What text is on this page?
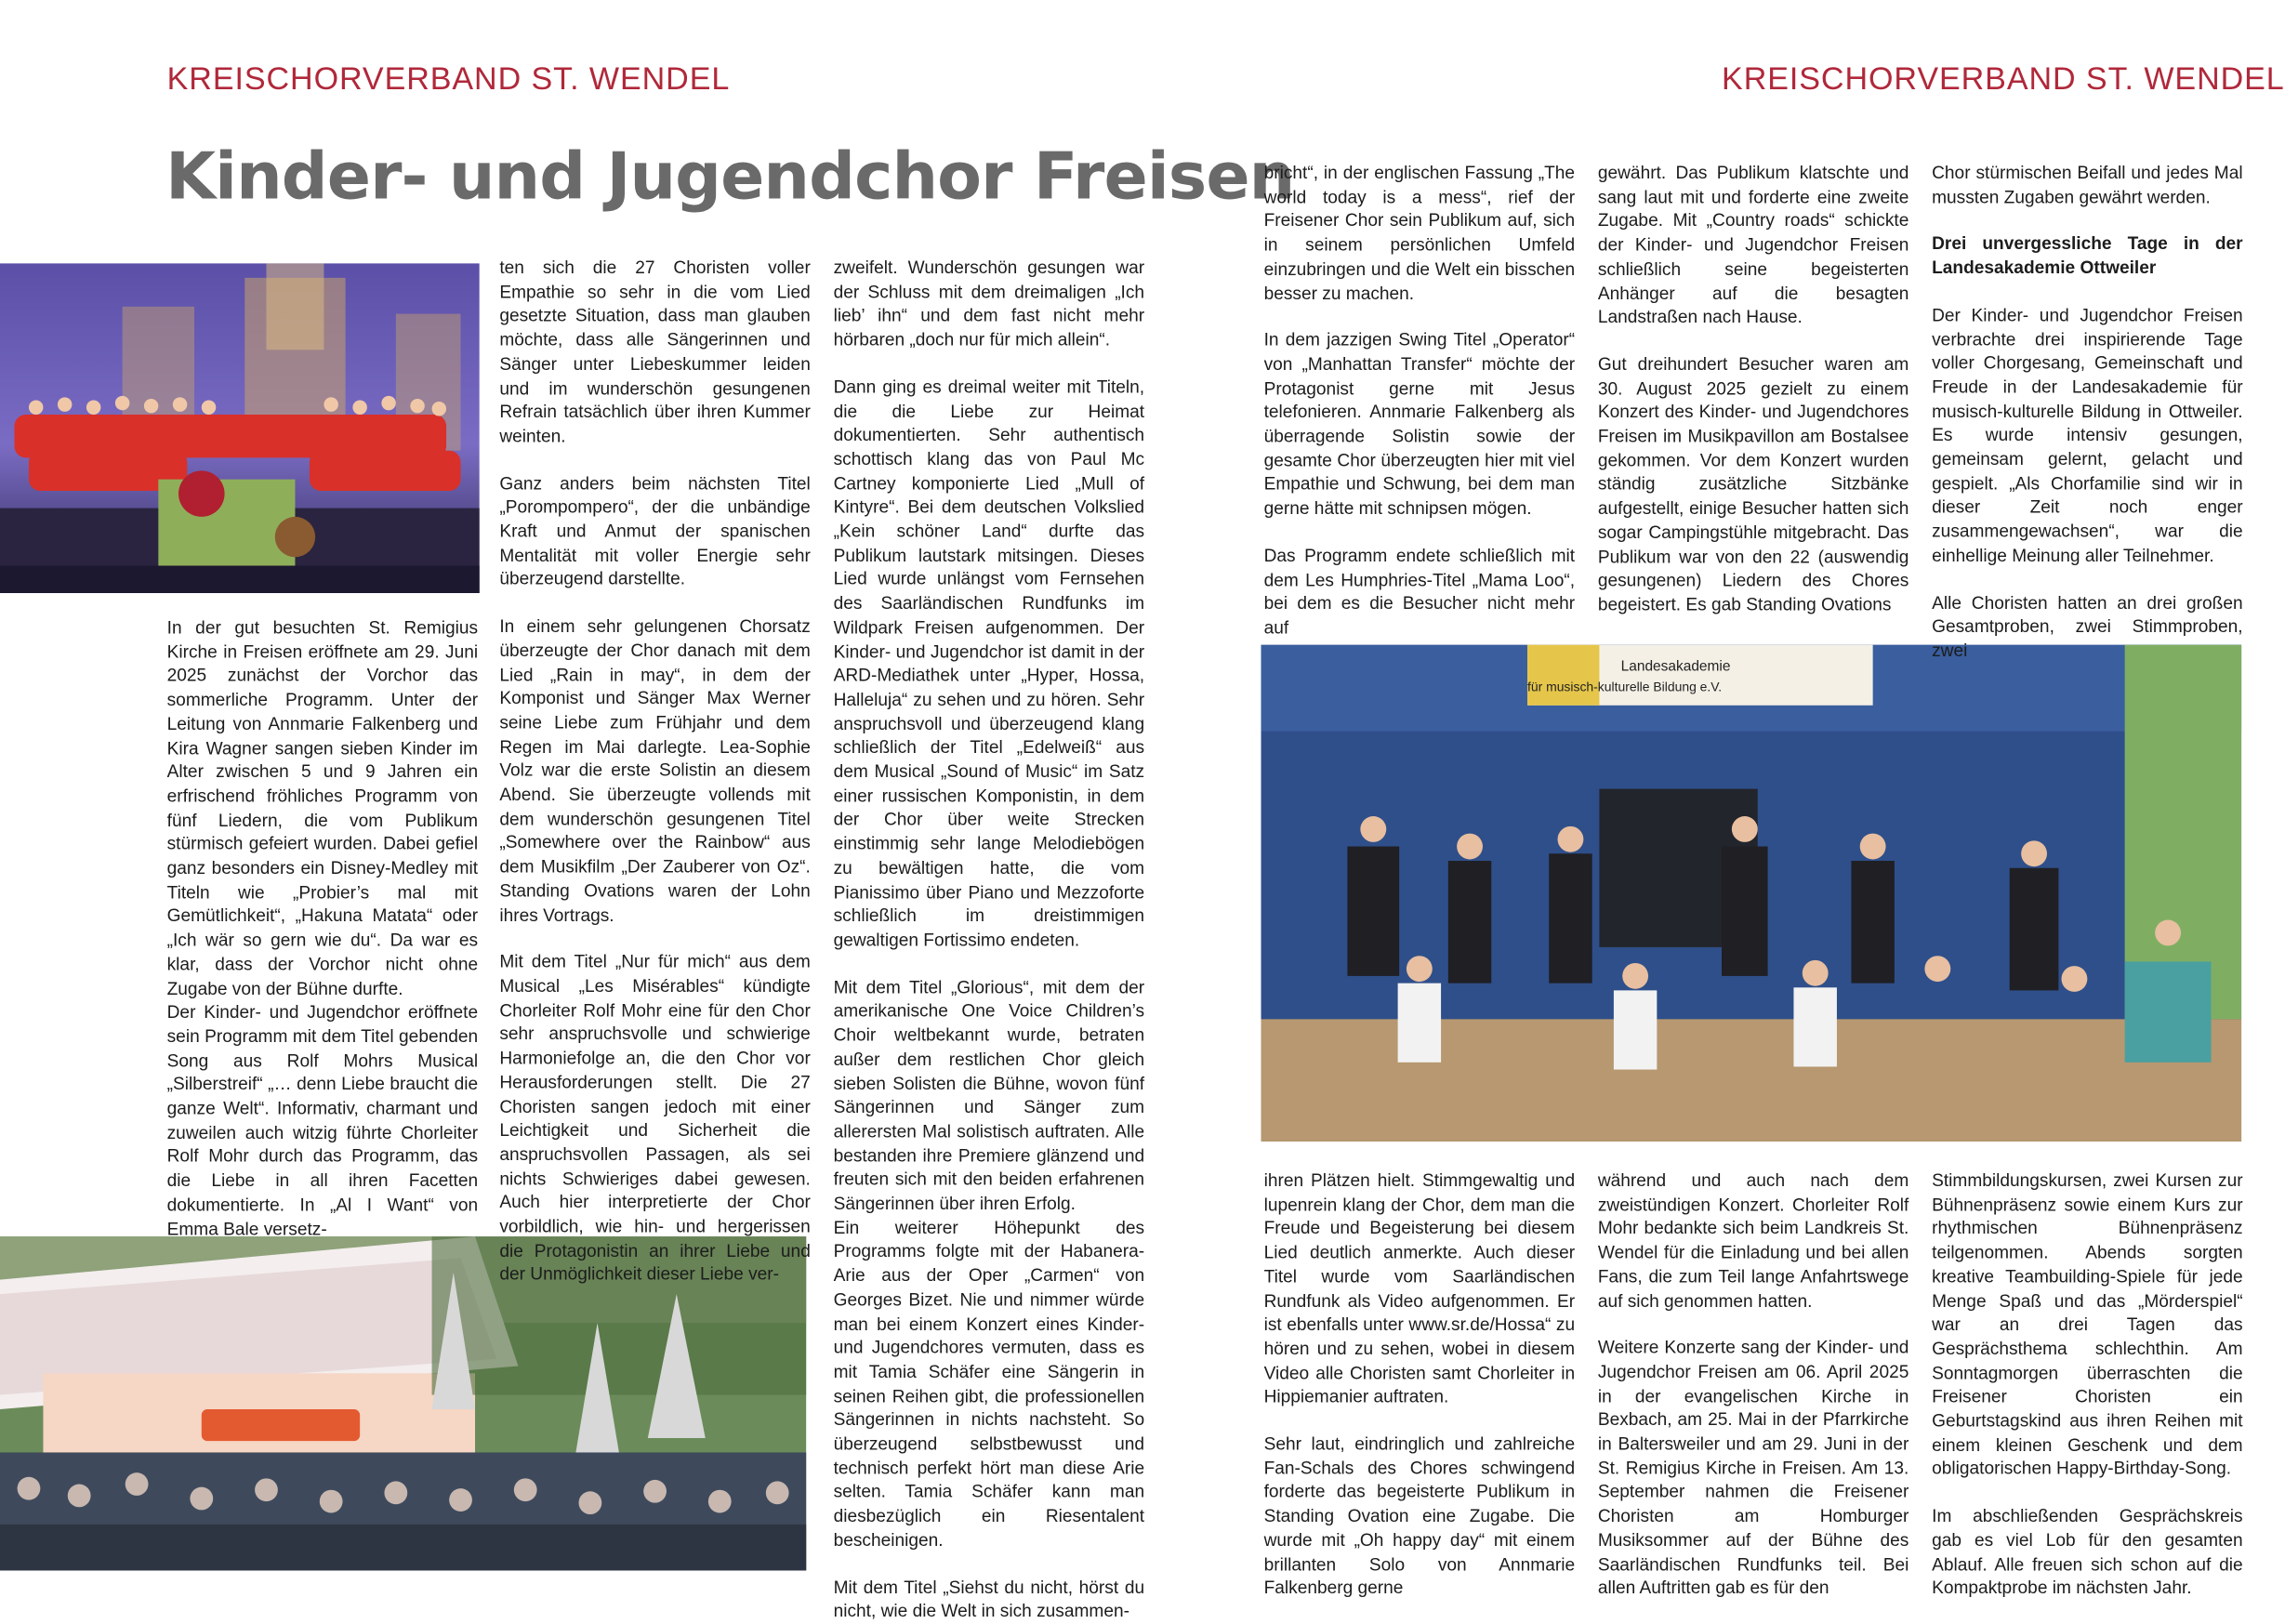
KREISCHORVERBAND ST. WENDEL	KREISCHORVERBAND ST. WENDEL
Kinder- und Jugendchor Freisen
Landesakademie
für musisch-kulturelle Bildung e.V.

In der gut besuchten St. Remigius Kirche in Freisen eröffnete am 29. Juni 2025 zunächst der Vorchor das sommerliche Programm. Unter der Leitung von Annmarie Falkenberg und Kira Wagner sangen sieben Kinder im Alter zwischen 5 und 9 Jahren ein erfrischend fröhliches Programm von fünf Liedern, die vom Publikum stürmisch gefeiert wurden. Dabei gefiel ganz besonders ein Disney-Medley mit Titeln wie „Probier’s mal mit Gemütlichkeit“, „Hakuna Matata“ oder „Ich wär so gern wie du“. Da war es klar, dass der Vorchor nicht ohne Zugabe von der Bühne durfte.

Der Kinder- und Jugendchor eröffnete sein Programm mit dem Titel gebenden Song aus Rolf Mohrs Musical „Silberstreif“ „… denn Liebe braucht die ganze Welt“. Informativ, charmant und zuweilen auch witzig führte Chorleiter Rolf Mohr durch das Programm, das die Liebe in all ihren Facetten dokumentierte. In „Al I Want“ von Emma Bale versetz-

ten sich die 27 Choristen voller Empathie so sehr in die vom Lied gesetzte Situation, dass man glauben möchte, dass alle Sängerinnen und Sänger unter Liebeskummer leiden und im wunderschön gesungenen Refrain tatsächlich über ihren Kummer weinten.

Ganz anders beim nächsten Titel „Porompompero“, der die unbändige Kraft und Anmut der spanischen Mentalität mit voller Energie sehr überzeugend darstellte.

In einem sehr gelungenen Chorsatz überzeugte der Chor danach mit dem Lied „Rain in may“, in dem der Komponist und Sänger Max Werner seine Liebe zum Frühjahr und dem Regen im Mai darlegte. Lea-Sophie Volz war die erste Solistin an diesem Abend. Sie überzeugte vollends mit dem wunderschön gesungenen Titel „Somewhere over the Rainbow“ aus dem Musikfilm „Der Zauberer von Oz“. Standing Ovations waren der Lohn ihres Vortrags.

Mit dem Titel „Nur für mich“ aus dem Musical „Les Misérables“ kündigte Chorleiter Rolf Mohr eine für den Chor sehr anspruchsvolle und schwierige Harmoniefolge an, die den Chor vor Herausforderungen stellt. Die 27 Choristen sangen jedoch mit einer Leichtigkeit und Sicherheit die anspruchsvollen Passagen, als sei nichts Schwieriges dabei gewesen. Auch hier interpretierte der Chor vorbildlich, wie hin- und hergerissen die Protagonistin an ihrer Liebe und der Unmöglichkeit dieser Liebe ver-

zweifelt. Wunderschön gesungen war der Schluss mit dem dreimaligen „Ich lieb’ ihn“ und dem fast nicht mehr hörbaren „doch nur für mich allein“.

Dann ging es dreimal weiter mit Titeln, die die Liebe zur Heimat dokumentierten. Sehr authentisch schottisch klang das von Paul Mc Cartney komponierte Lied „Mull of Kintyre“. Bei dem deutschen Volkslied „Kein schöner Land“ durfte das Publikum lautstark mitsingen. Dieses Lied wurde unlängst vom Fernsehen des Saarländischen Rundfunks im Wildpark Freisen aufgenommen. Der Kinder- und Jugendchor ist damit in der ARD-Mediathek unter „Hyper, Hossa, Halleluja“ zu sehen und zu hören. Sehr anspruchsvoll und überzeugend klang schließlich der Titel „Edelweiß“ aus dem Musical „Sound of Music“ im Satz einer russischen Komponistin, in dem der Chor über weite Strecken einstimmig sehr lange Melodiebögen zu bewältigen hatte, die vom Pianissimo über Piano und Mezzoforte schließlich im dreistimmigen gewaltigen Fortissimo endeten.

Mit dem Titel „Glorious“, mit dem der amerikanische One Voice Children’s Choir weltbekannt wurde, betraten außer dem restlichen Chor gleich sieben Solisten die Bühne, wovon fünf Sängerinnen und Sänger zum allerersten Mal solistisch auftraten. Alle bestanden ihre Premiere glänzend und freuten sich mit den beiden erfahrenen Sängerinnen über ihren Erfolg.

Ein weiterer Höhepunkt des Programms folgte mit der Habanera-Arie aus der Oper „Carmen“ von Georges Bizet. Nie und nimmer würde man bei einem Konzert eines Kinder- und Jugendchores vermuten, dass es mit Tamia Schäfer eine Sängerin in seinen Reihen gibt, die professionellen Sängerinnen in nichts nachsteht. So überzeugend selbstbewusst und technisch perfekt hört man diese Arie selten. Tamia Schäfer kann man diesbezüglich ein Riesentalent bescheinigen.

Mit dem Titel „Siehst du nicht, hörst du nicht, wie die Welt in sich zusammen-

bricht“, in der englischen Fassung „The world today is a mess“, rief der Freisener Chor sein Publikum auf, sich in seinem persönlichen Umfeld einzubringen und die Welt ein bisschen besser zu machen.

In dem jazzigen Swing Titel „Operator“ von „Manhattan Transfer“ möchte der Protagonist gerne mit Jesus telefonieren. Annmarie Falkenberg als überragende Solistin sowie der gesamte Chor überzeugten hier mit viel Empathie und Schwung, bei dem man gerne hätte mit schnipsen mögen.

Das Programm endete schließlich mit dem Les Humphries-Titel „Mama Loo“, bei dem es die Besucher nicht mehr auf

gewährt. Das Publikum klatschte und sang laut mit und forderte eine zweite Zugabe. Mit „Country roads“ schickte der Kinder- und Jugendchor Freisen schließlich seine begeisterten Anhänger auf die besagten Landstraßen nach Hause.

Gut dreihundert Besucher waren am 30. August 2025 gezielt zu einem Konzert des Kinder- und Jugendchores Freisen im Musikpavillon am Bostalsee gekommen. Vor dem Konzert wurden ständig zusätzliche Sitzbänke aufgestellt, einige Besucher hatten sich sogar Campingstühle mitgebracht. Das Publikum war von den 22 (auswendig gesungenen) Liedern des Chores begeistert. Es gab Standing Ovations

Chor stürmischen Beifall und jedes Mal mussten Zugaben gewährt werden.

Drei unvergessliche Tage in der Landesakademie Ottweiler

Der Kinder- und Jugendchor Freisen verbrachte drei inspirierende Tage voller Chorgesang, Gemeinschaft und Freude in der Landesakademie für musisch-kulturelle Bildung in Ottweiler. Es wurde intensiv gesungen, gemeinsam gelernt, gelacht und gespielt. „Als Chorfamilie sind wir in dieser Zeit noch enger zusammengewachsen“, war die einhellige Meinung aller Teilnehmer.

Alle Choristen hatten an drei großen Gesamtproben, zwei Stimmproben, zwei

ihren Plätzen hielt. Stimmgewaltig und lupenrein klang der Chor, dem man die Freude und Begeisterung bei diesem Lied deutlich anmerkte. Auch dieser Titel wurde vom Saarländischen Rundfunk als Video aufgenommen. Er ist ebenfalls unter www.sr.de/Hossa“ zu hören und zu sehen, wobei in diesem Video alle Choristen samt Chorleiter in Hippiemanier auftraten.

Sehr laut, eindringlich und zahlreiche Fan-Schals des Chores schwingend forderte das begeisterte Publikum in Standing Ovation eine Zugabe. Die wurde mit „Oh happy day“ mit einem brillanten Solo von Annmarie Falkenberg gerne

während und auch nach dem zweistündigen Konzert. Chorleiter Rolf Mohr bedankte sich beim Landkreis St. Wendel für die Einladung und bei allen Fans, die zum Teil lange Anfahrtswege auf sich genommen hatten.

Weitere Konzerte sang der Kinder- und Jugendchor Freisen am 06. April 2025 in der evangelischen Kirche in Bexbach, am 25. Mai in der Pfarrkirche in Baltersweiler und am 29. Juni in der St. Remigius Kirche in Freisen. Am 13. September nahmen die Freisener Choristen am Homburger Musiksommer auf der Bühne des Saarländischen Rundfunks teil. Bei allen Auftritten gab es für den

Stimmbildungskursen, zwei Kursen zur Bühnenpräsenz sowie einem Kurs zur rhythmischen Bühnenpräsenz teilgenommen. Abends sorgten kreative Teambuilding-Spiele für jede Menge Spaß und das „Mörderspiel“ war an drei Tagen das Gesprächsthema schlechthin. Am Sonntagmorgen überraschten die Freisener Choristen ein Geburtstagskind aus ihren Reihen mit einem kleinen Geschenk und dem obligatorischen Happy-Birthday-Song.

Im abschließenden Gesprächskreis gab es viel Lob für den gesamten Ablauf. Alle freuen sich schon auf die Kompaktprobe im nächsten Jahr.
